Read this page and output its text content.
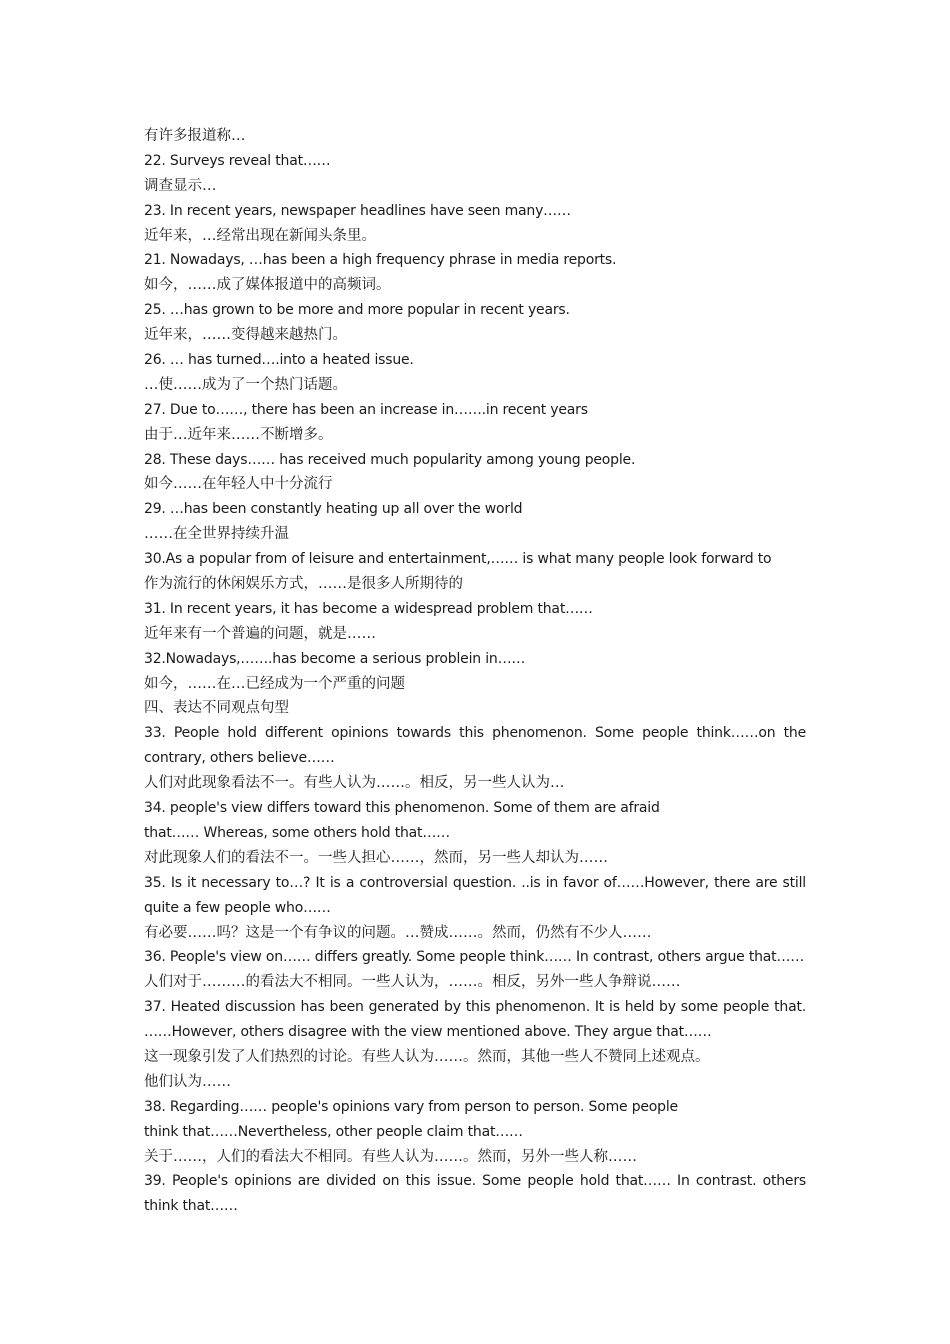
有许多报道称…
22. Surveys reveal that……
调查显示…
23. In recent years, newspaper headlines have seen many……
近年来，…经常出现在新闻头条里。
21. Nowadays, …has been a high frequency phrase in media reports.
如今，……成了媒体报道中的高频词。
25. …has grown to be more and more popular in recent years.
近年来，……变得越来越热门。
26. … has turned….into a heated issue.
…使……成为了一个热门话题。
27. Due to……, there has been an increase in…….in recent years
由于…近年来……不断增多。
28. These days…… has received much popularity among young people.
如今……在年轻人中十分流行
29. …has been constantly heating up all over the world
……在全世界持续升温
30.As a popular from of leisure and entertainment,…… is what many people look forward to
作为流行的休闲娱乐方式，……是很多人所期待的
31. In recent years, it has become a widespread problem that……
近年来有一个普遍的问题，就是……
32.Nowadays,…….has become a serious problein in……
如今，……在…已经成为一个严重的问题
四、表达不同观点句型
33. People hold different opinions towards this phenomenon. Some people think……on the
contrary, others believe……
人们对此现象看法不一。有些人认为……。相反，另一些人认为…
34. people's view differs toward this phenomenon. Some of them are afraid
that…… Whereas, some others hold that……
对此现象人们的看法不一。一些人担心……，然而，另一些人却认为……
35. Is it necessary to…? It is a controversial question. ..is in favor of……However, there are still
quite a few people who……
有必要……吗？这是一个有争议的问题。…赞成……。然而，仍然有不少人……
36. People's view on…… differs greatly. Some people think…… In contrast, others argue that……
人们对于………的看法大不相同。一些人认为，……。相反，另外一些人争辩说……
37. Heated discussion has been generated by this phenomenon. It is held by some people that.
……However, others disagree with the view mentioned above. They argue that……
这一现象引发了人们热烈的讨论。有些人认为……。然而，其他一些人不赞同上述观点。
他们认为……
38. Regarding…… people's opinions vary from person to person. Some people
think that……Nevertheless, other people claim that……
关于……，人们的看法大不相同。有些人认为……。然而，另外一些人称……
39. People's opinions are divided on this issue. Some people hold that…… In contrast. others
think that……
